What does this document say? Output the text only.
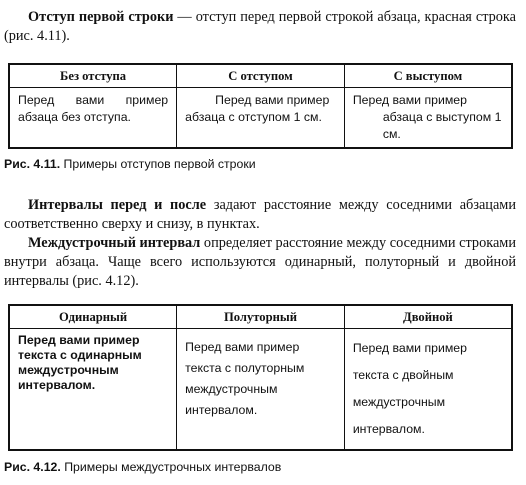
Отступ первой строки — отступ перед первой строкой абзаца, красная строка (рис. 4.11).

Без отступа	С отступом	С выступом
Перед вами пример абзаца без отступа.	Перед вами пример абзаца с отступом 1 см.	Перед вами пример абзаца с выступом 1 см.

Рис. 4.11. Примеры отступов первой строки

Интервалы перед и после задают расстояние между соседними абзацами соответственно сверху и снизу, в пунктах.

Междустрочный интервал определяет расстояние между соседними строками внутри абзаца. Чаще всего используются одинарный, полуторный и двойной интервалы (рис. 4.12).

Одинарный	Полуторный	Двойной
Перед вами пример текста с одинарным междустрочным интервалом.	Перед вами пример текста с полуторным междустрочным интервалом.	Перед вами пример текста с двойным междустрочным интервалом.

Рис. 4.12. Примеры междустрочных интервалов
